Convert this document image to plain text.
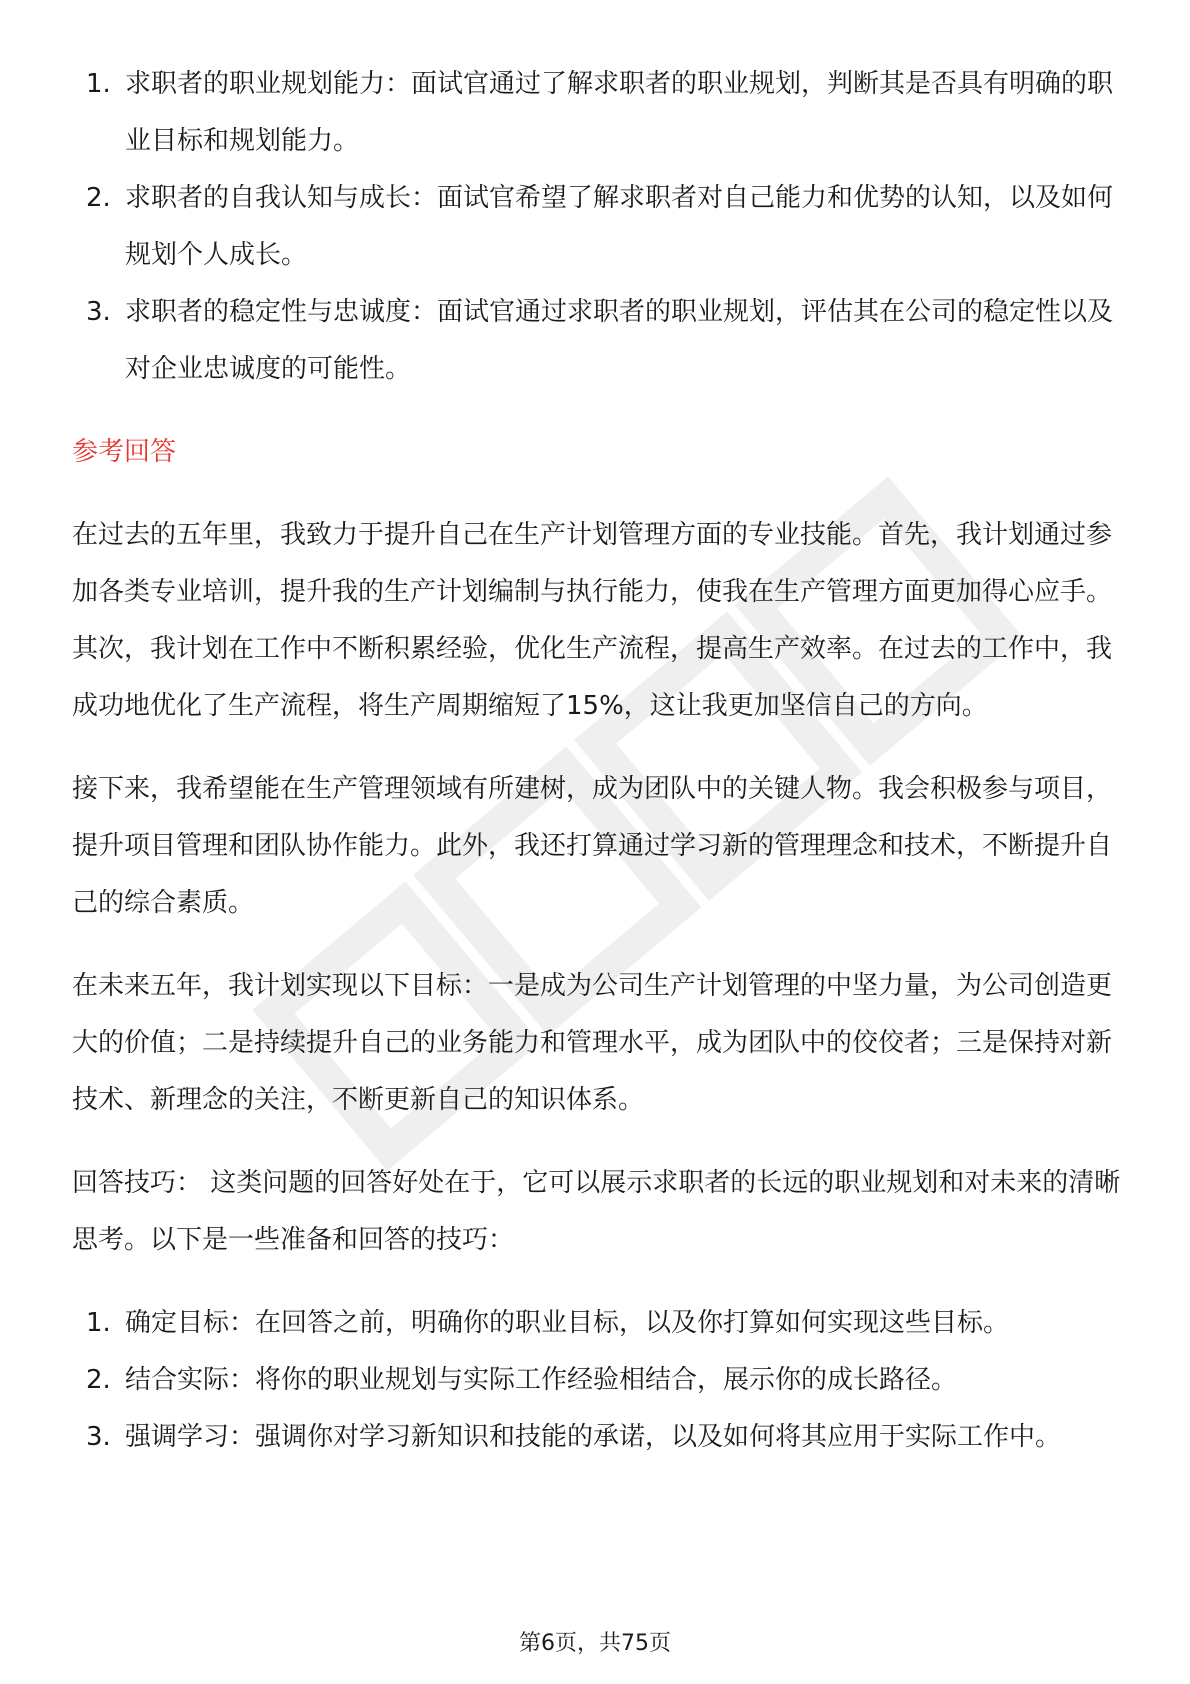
1. 求职者的职业规划能力：面试官通过了解求职者的职业规划，判断其是否具有明确的职业目标和规划能力。
2. 求职者的自我认知与成长：面试官希望了解求职者对自己能力和优势的认知，以及如何规划个人成长。
3. 求职者的稳定性与忠诚度：面试官通过求职者的职业规划，评估其在公司的稳定性以及对企业忠诚度的可能性。
参考回答

在过去的五年里，我致力于提升自己在生产计划管理方面的专业技能。首先，我计划通过参加各类专业培训，提升我的生产计划编制与执行能力，使我在生产管理方面更加得心应手。其次，我计划在工作中不断积累经验，优化生产流程，提高生产效率。在过去的工作中，我成功地优化了生产流程，将生产周期缩短了15%，这让我更加坚信自己的方向。

接下来，我希望能在生产管理领域有所建树，成为团队中的关键人物。我会积极参与项目，提升项目管理和团队协作能力。此外，我还打算通过学习新的管理理念和技术，不断提升自己的综合素质。

在未来五年，我计划实现以下目标：一是成为公司生产计划管理的中坚力量，为公司创造更大的价值；二是持续提升自己的业务能力和管理水平，成为团队中的佼佼者；三是保持对新技术、新理念的关注，不断更新自己的知识体系。

回答技巧： 这类问题的回答好处在于，它可以展示求职者的长远的职业规划和对未来的清晰思考。以下是一些准备和回答的技巧：

1. 确定目标：在回答之前，明确你的职业目标，以及你打算如何实现这些目标。
2. 结合实际：将你的职业规划与实际工作经验相结合，展示你的成长路径。
3. 强调学习：强调你对学习新知识和技能的承诺，以及如何将其应用于实际工作中。
第6页，共75页
